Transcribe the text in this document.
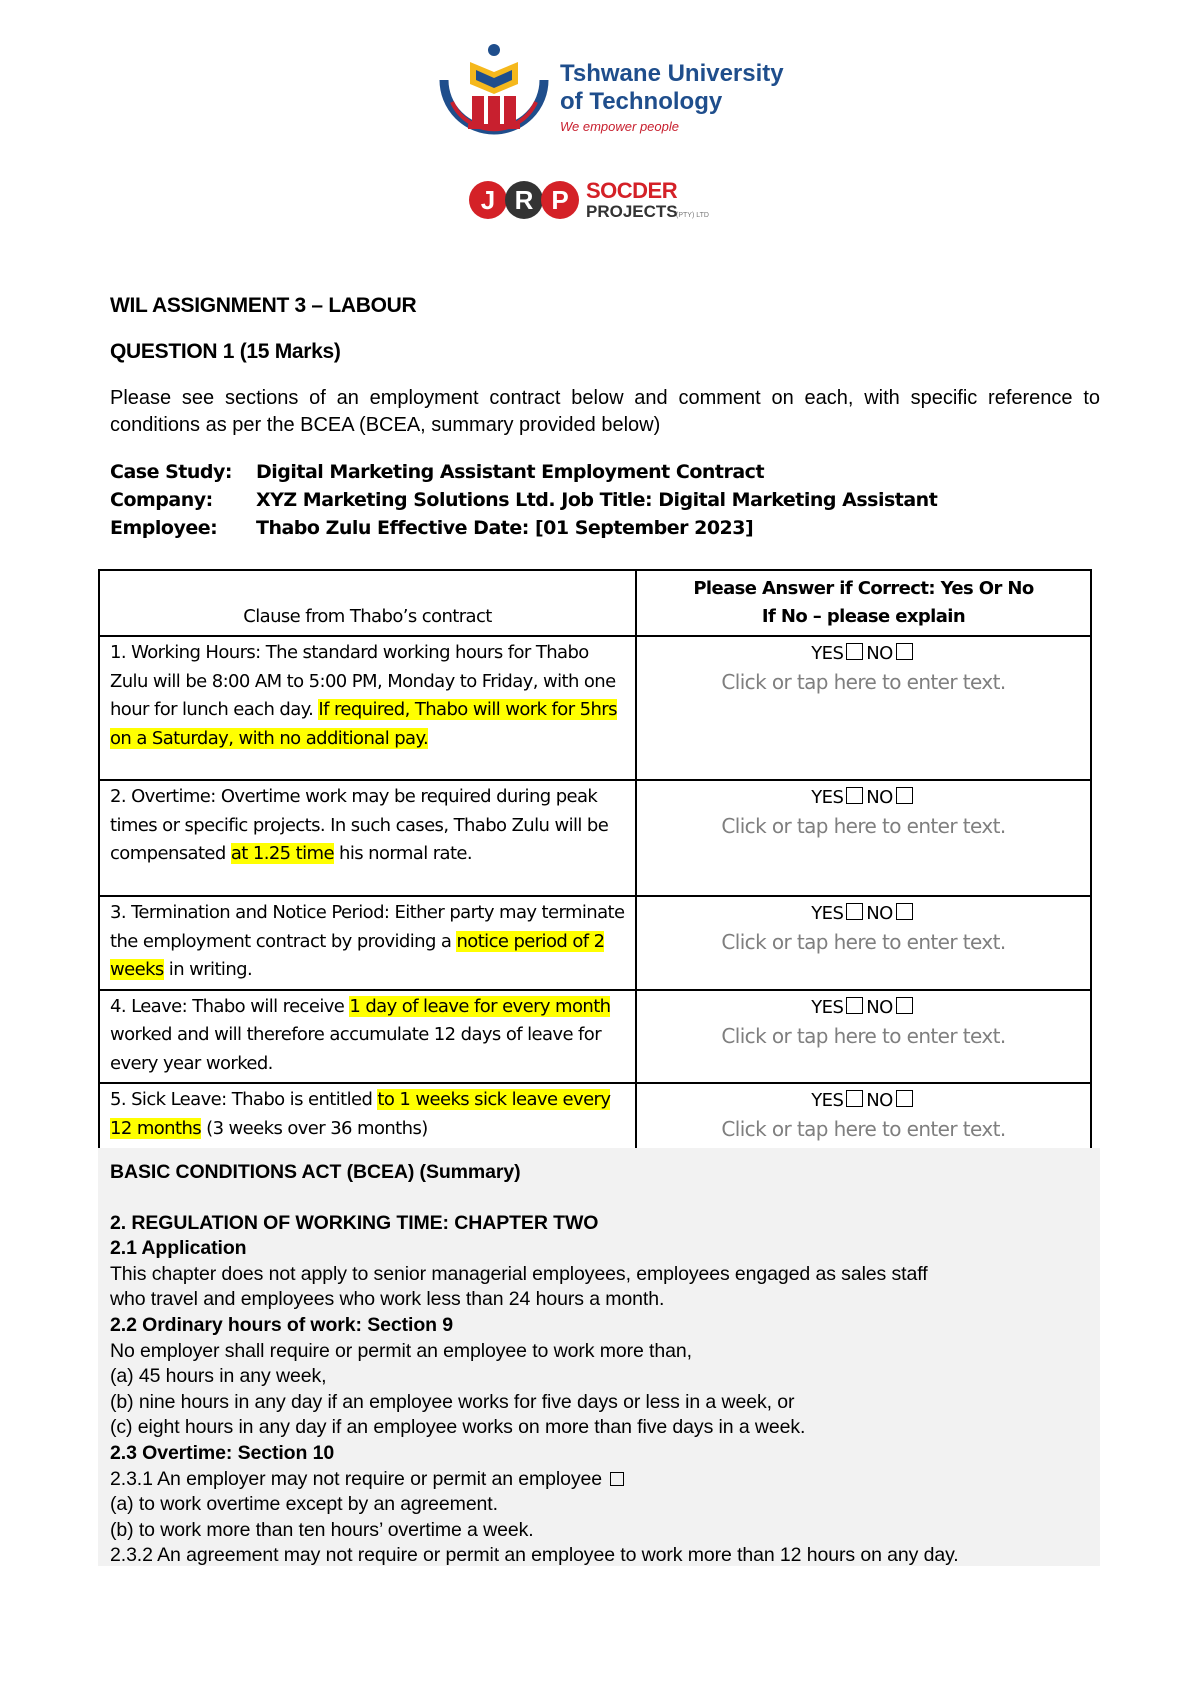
Tshwane University
of Technology
We empower people
J R P SOCDER
PROJECTS
(PTY) LTD
WIL ASSIGNMENT 3 – LABOUR
QUESTION 1 (15 Marks)
Please see sections of an employment contract below and comment on each, with specific reference to conditions as per the BCEA (BCEA, summary provided below)
Case Study:	Digital Marketing Assistant Employment Contract
Company:	XYZ Marketing Solutions Ltd. Job Title: Digital Marketing Assistant
Employee:	Thabo Zulu Effective Date: [01 September 2023]
Clause from Thabo’s contract	Please Answer if Correct: Yes Or No
If No – please explain

1. Working Hours: The standard working hours for Thabo Zulu will be 8:00 AM to 5:00 PM, Monday to Friday, with one hour for lunch each day. If required, Thabo will work for 5hrs on a Saturday, with no additional pay.	YES NO
Click or tap here to enter text.

2. Overtime: Overtime work may be required during peak times or specific projects. In such cases, Thabo Zulu will be compensated at 1.25 time his normal rate.	YES NO
Click or tap here to enter text.

3. Termination and Notice Period: Either party may terminate the employment contract by providing a notice period of 2 weeks in writing.	YES NO
Click or tap here to enter text.

4. Leave: Thabo will receive 1 day of leave for every month worked and will therefore accumulate 12 days of leave for every year worked.	YES NO
Click or tap here to enter text.

5. Sick Leave: Thabo is entitled to 1 weeks sick leave every 12 months (3 weeks over 36 months)	YES NO
Click or tap here to enter text.

BASIC CONDITIONS ACT (BCEA) (Summary)

2. REGULATION OF WORKING TIME: CHAPTER TWO

2.1 Application

This chapter does not apply to senior managerial employees, employees engaged as sales staff

who travel and employees who work less than 24 hours a month.

2.2 Ordinary hours of work: Section 9

No employer shall require or permit an employee to work more than,

(a) 45 hours in any week,

(b) nine hours in any day if an employee works for five days or less in a week, or

(c) eight hours in any day if an employee works on more than five days in a week.

2.3 Overtime: Section 10

2.3.1 An employer may not require or permit an employee

(a) to work overtime except by an agreement.

(b) to work more than ten hours’ overtime a week.

2.3.2 An agreement may not require or permit an employee to work more than 12 hours on any day.
